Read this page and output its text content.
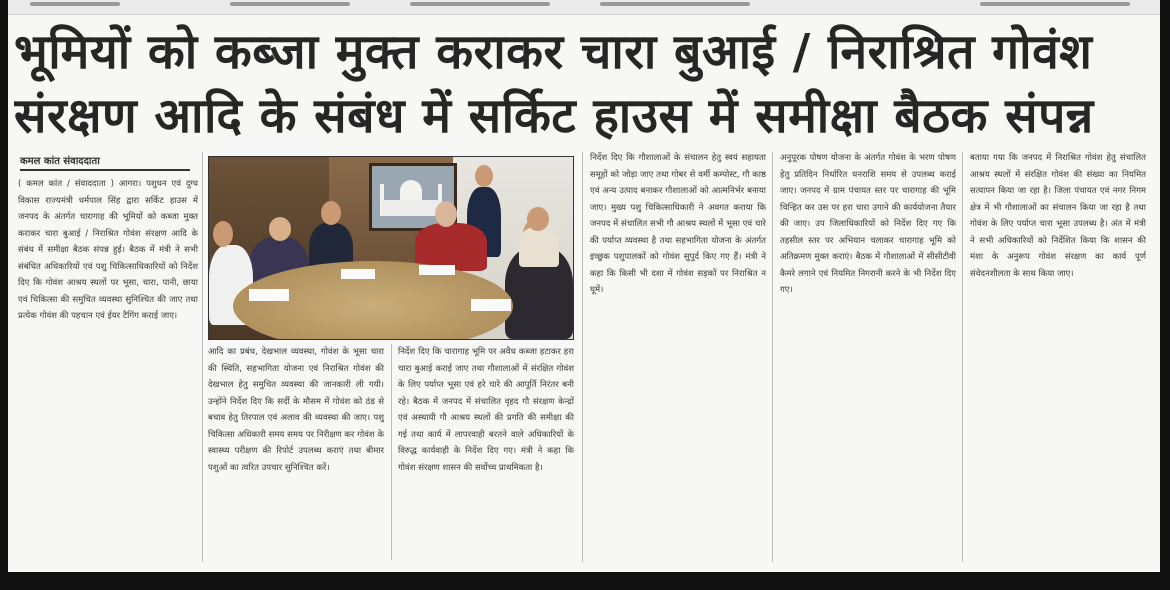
भूमियों को कब्जा मुक्त कराकर चारा बुआई / निराश्रित गोवंश
संरक्षण आदि के संबंध में सर्किट हाउस में समीक्षा बैठक संपन्न
कमल कांत संवाददाता

( कमल कांत / संवाददाता ) आगरा। पशुधन एवं दुग्ध विकास राज्यमंत्री धर्मपाल सिंह द्वारा सर्किट हाउस में जनपद के अंतर्गत चारागाह की भूमियों को कब्जा मुक्त कराकर चारा बुआई / निराश्रित गोवंश संरक्षण आदि के संबंध में समीक्षा बैठक संपन्न हुई। बैठक में मंत्री ने सभी संबंधित अधिकारियों एवं पशु चिकित्साधिकारियों को निर्देश दिए कि गोवंश आश्रय स्थलों पर भूसा, चारा, पानी, छाया एवं चिकित्सा की समुचित व्यवस्था सुनिश्चित की जाए तथा प्रत्येक गोवंश की पहचान एवं ईयर टैगिंग कराई जाए।

आदि का प्रबंध, देखभाल व्यवस्था, गोवंश के भूसा चारा की स्थिति, सहभागिता योजना एवं निराश्रित गोवंश की देखभाल हेतु समुचित व्यवस्था की जानकारी ली गयी। उन्होंने निर्देश दिए कि सर्दी के मौसम में गोवंश को ठंड से बचाव हेतु तिरपाल एवं अलाव की व्यवस्था की जाए। पशु चिकित्सा अधिकारी समय समय पर निरीक्षण कर गोवंश के स्वास्थ्य परीक्षण की रिपोर्ट उपलब्ध कराएं तथा बीमार पशुओं का त्वरित उपचार सुनिश्चित करें।

निर्देश दिए कि चारागाह भूमि पर अवैध कब्जा हटाकर हरा चारा बुआई कराई जाए तथा गौशालाओं में संरक्षित गोवंश के लिए पर्याप्त भूसा एवं हरे चारे की आपूर्ति निरंतर बनी रहे। बैठक में जनपद में संचालित वृहद गौ संरक्षण केन्द्रों एवं अस्थायी गौ आश्रय स्थलों की प्रगति की समीक्षा की गई तथा कार्य में लापरवाही बरतने वाले अधिकारियों के विरुद्ध कार्यवाही के निर्देश दिए गए। मंत्री ने कहा कि गोवंश संरक्षण शासन की सर्वोच्च प्राथमिकता है।

निर्देश दिए कि गौशालाओं के संचालन हेतु स्वयं सहायता समूहों को जोड़ा जाए तथा गोबर से वर्मी कम्पोस्ट, गौ काष्ठ एवं अन्य उत्पाद बनाकर गौशालाओं को आत्मनिर्भर बनाया जाए। मुख्य पशु चिकित्साधिकारी ने अवगत कराया कि जनपद में संचालित सभी गौ आश्रय स्थलों में भूसा एवं चारे की पर्याप्त व्यवस्था है तथा सहभागिता योजना के अंतर्गत इच्छुक पशुपालकों को गोवंश सुपुर्द किए गए हैं। मंत्री ने कहा कि किसी भी दशा में गोवंश सड़कों पर निराश्रित न घूमें।

अनुपूरक पोषण योजना के अंतर्गत गोवंश के भरण पोषण हेतु प्रतिदिन निर्धारित धनराशि समय से उपलब्ध कराई जाए। जनपद में ग्राम पंचायत स्तर पर चारागाह की भूमि चिन्हित कर उस पर हरा चारा उगाने की कार्ययोजना तैयार की जाए। उप जिलाधिकारियों को निर्देश दिए गए कि तहसील स्तर पर अभियान चलाकर चारागाह भूमि को अतिक्रमण मुक्त कराएं। बैठक में गौशालाओं में सीसीटीवी कैमरे लगाने एवं नियमित निगरानी करने के भी निर्देश दिए गए।

बताया गया कि जनपद में निराश्रित गोवंश हेतु संचालित आश्रय स्थलों में संरक्षित गोवंश की संख्या का नियमित सत्यापन किया जा रहा है। जिला पंचायत एवं नगर निगम क्षेत्र में भी गौशालाओं का संचालन किया जा रहा है तथा गोवंश के लिए पर्याप्त चारा भूसा उपलब्ध है। अंत में मंत्री ने सभी अधिकारियों को निर्देशित किया कि शासन की मंशा के अनुरूप गोवंश संरक्षण का कार्य पूर्ण संवेदनशीलता के साथ किया जाए।
